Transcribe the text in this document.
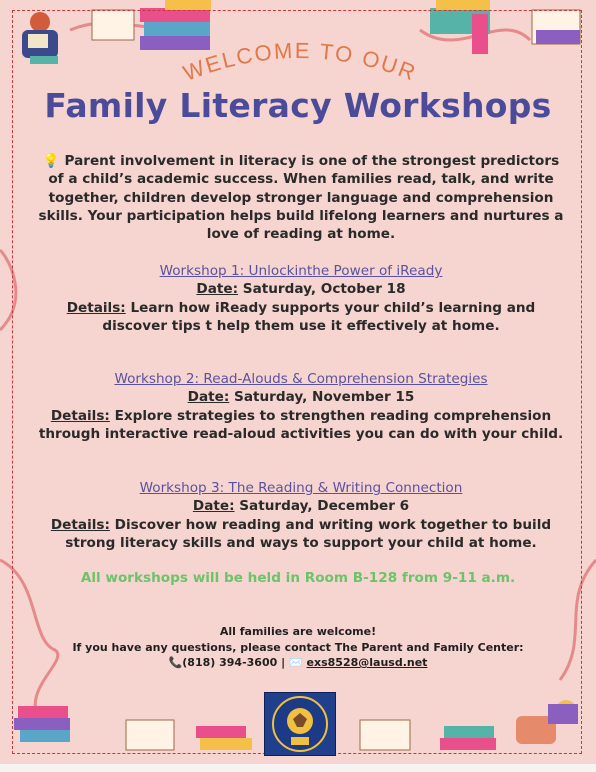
WELCOME TO OUR
Family Literacy Workshops
💡 Parent involvement in literacy is one of the strongest predictors of a child’s academic success. When families read, talk, and write together, children develop stronger language and comprehension skills. Your participation helps build lifelong learners and nurtures a love of reading at home.
Workshop 1: Unlockinthe Power of iReady
Date: Saturday, October 18
Details: Learn how iReady supports your child’s learning and discover tips t help them use it effectively at home.
Workshop 2: Read-Alouds & Comprehension Strategies
Date: Saturday, November 15
Details: Explore strategies to strengthen reading comprehension through interactive read-aloud activities you can do with your child.
Workshop 3: The Reading & Writing Connection
Date: Saturday, December 6
Details: Discover how reading and writing work together to build strong literacy skills and ways to support your child at home.
All workshops will be held in Room B-128 from 9-11 a.m.
All families are welcome!
If you have any questions, please contact The Parent and Family Center:
📞(818) 394-3600 | ✉️ exs8528@lausd.net
